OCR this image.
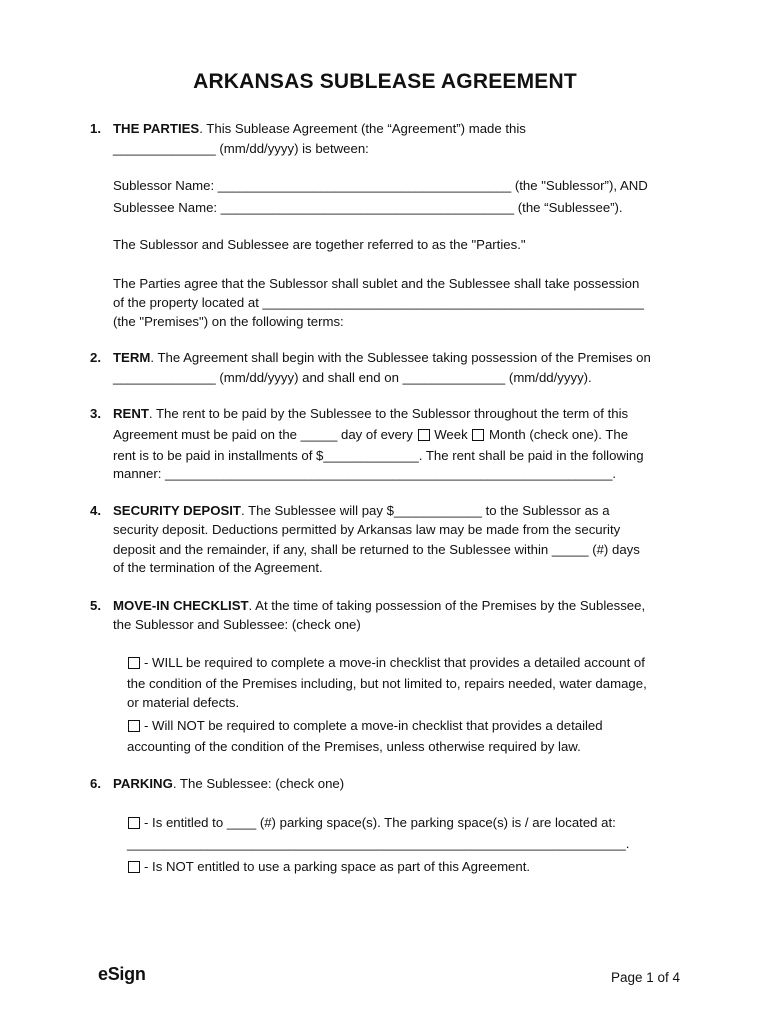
ARKANSAS SUBLEASE AGREEMENT
1. THE PARTIES. This Sublease Agreement (the “Agreement”) made this
______________ (mm/dd/yyyy) is between:
Sublessor Name: ________________________________________ (the "Sublessor”), AND
Sublessee Name: ________________________________________ (the “Sublessee”).
The Sublessor and Sublessee are together referred to as the "Parties."
The Parties agree that the Sublessor shall sublet and the Sublessee shall take possession
of the property located at ____________________________________________________
(the "Premises") on the following terms:
2. TERM. The Agreement shall begin with the Sublessee taking possession of the Premises on
______________ (mm/dd/yyyy) and shall end on ______________ (mm/dd/yyyy).
3. RENT. The rent to be paid by the Sublessee to the Sublessor throughout the term of this
Agreement must be paid on the _____ day of every  Week Month (check one). The
rent is to be paid in installments of $_____________. The rent shall be paid in the following
manner: _____________________________________________________________.
4. SECURITY DEPOSIT. The Sublessee will pay $____________ to the Sublessor as a
security deposit. Deductions permitted by Arkansas law may be made from the security
deposit and the remainder, if any, shall be returned to the Sublessee within _____ (#) days
of the termination of the Agreement.
5. MOVE-IN CHECKLIST. At the time of taking possession of the Premises by the Sublessee,
the Sublessor and Sublessee: (check one)
- WILL be required to complete a move-in checklist that provides a detailed account of
the condition of the Premises including, but not limited to, repairs needed, water damage,
or material defects.
- Will NOT be required to complete a move-in checklist that provides a detailed
accounting of the condition of the Premises, unless otherwise required by law.
6. PARKING. The Sublessee: (check one)
- Is entitled to ____ (#) parking space(s). The parking space(s) is / are located at:
____________________________________________________________________.
- Is NOT entitled to use a parking space as part of this Agreement.
eSign	Page 1 of 4
